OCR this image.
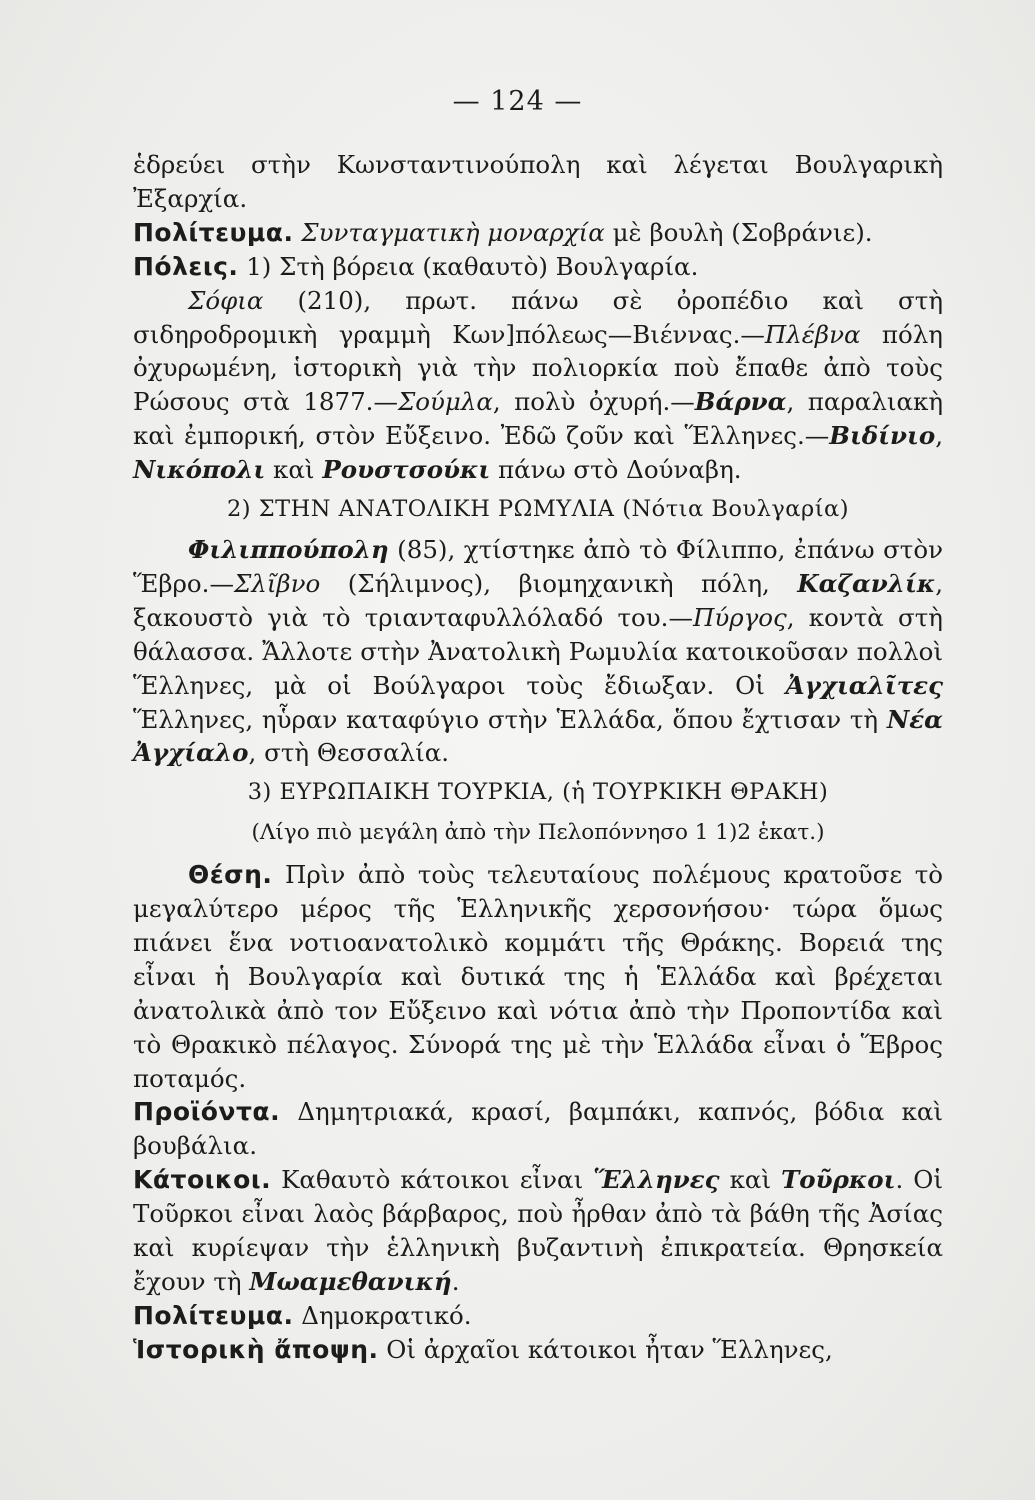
— 124 —

ἑδρεύει στὴν Κωνσταντινούπολη καὶ λέγεται Βουλγαρικὴ Ἐξαρχία.

Πολίτευμα. Συνταγματικὴ μοναρχία μὲ βουλὴ (Σοβράνιε).

Πόλεις. 1) Στὴ βόρεια (καθαυτὸ) Βουλγαρία.

Σόφια (210), πρωτ. πάνω σὲ ὀροπέδιο καὶ στὴ σιδηροδρομικὴ γραμμὴ Κων]πόλεως—Βιέννας.—Πλέβνα πόλη ὀχυρωμένη, ἱστορικὴ γιὰ τὴν πολιορκία ποὺ ἔπαθε ἀπὸ τοὺς Ρώσους στὰ 1877.—Σούμλα, πολὺ ὀχυρή.—Βάρνα, παραλιακὴ καὶ ἐμπορική, στὸν Εὔξεινο. Ἐδῶ ζοῦν καὶ Ἕλληνες.—Βιδίνιο, Νικόπολι καὶ Ρουστσούκι πάνω στὸ Δούναβη.

2) ΣΤΗΝ ΑΝΑΤΟΛΙΚΗ ΡΩΜΥΛΙΑ (Νότια Βουλγαρία)

Φιλιππούπολη (85), χτίστηκε ἀπὸ τὸ Φίλιππο, ἐπάνω στὸν Ἕβρο.—Σλῖβνο (Σήλιμνος), βιομηχανικὴ πόλη, Καζανλίκ, ξακουστὸ γιὰ τὸ τριανταφυλλόλαδό του.—Πύργος, κοντὰ στὴ θάλασσα. Ἄλλοτε στὴν Ἀνατολικὴ Ρωμυλία κατοικοῦσαν πολλοὶ Ἕλληνες, μὰ οἱ Βούλγαροι τοὺς ἔδιωξαν. Οἱ Ἀγχιαλῖτες Ἕλληνες, ηὗραν καταφύγιο στὴν Ἑλλάδα, ὅπου ἔχτισαν τὴ Νέα Ἀγχίαλο, στὴ Θεσσαλία.

3) ΕΥΡΩΠΑΙΚΗ ΤΟΥΡΚΙΑ, (ἡ ΤΟΥΡΚΙΚΗ ΘΡΑΚΗ)

(Λίγο πιὸ μεγάλη ἀπὸ τὴν Πελοπόννησο 1 1)2 ἑκατ.)

Θέση. Πρὶν ἀπὸ τοὺς τελευταίους πολέμους κρατοῦσε τὸ μεγαλύτερο μέρος τῆς Ἑλληνικῆς χερσονήσου· τώρα ὅμως πιάνει ἕνα νοτιοανατολικὸ κομμάτι τῆς Θράκης. Βορειά της εἶναι ἡ Βουλγαρία καὶ δυτικά της ἡ Ἑλλάδα καὶ βρέχεται ἀνατολικὰ ἀπὸ τον Εὔξεινο καὶ νότια ἀπὸ τὴν Προποντίδα καὶ τὸ Θρακικὸ πέλαγος. Σύνορά της μὲ τὴν Ἑλλάδα εἶναι ὁ Ἕβρος ποταμός.

Προϊόντα. Δημητριακά, κρασί, βαμπάκι, καπνός, βόδια καὶ βουβάλια.

Κάτοικοι. Καθαυτὸ κάτοικοι εἶναι Ἕλληνες καὶ Τοῦρκοι. Οἱ Τοῦρκοι εἶναι λαὸς βάρβαρος, ποὺ ἦρθαν ἀπὸ τὰ βάθη τῆς Ἀσίας καὶ κυρίεψαν τὴν ἑλληνικὴ βυζαντινὴ ἐπικρατεία. Θρησκεία ἔχουν τὴ Μωαμεθανική.

Πολίτευμα. Δημοκρατικό.

Ἱστορικὴ ἄποψη. Οἱ ἀρχαῖοι κάτοικοι ἦταν Ἕλληνες,
